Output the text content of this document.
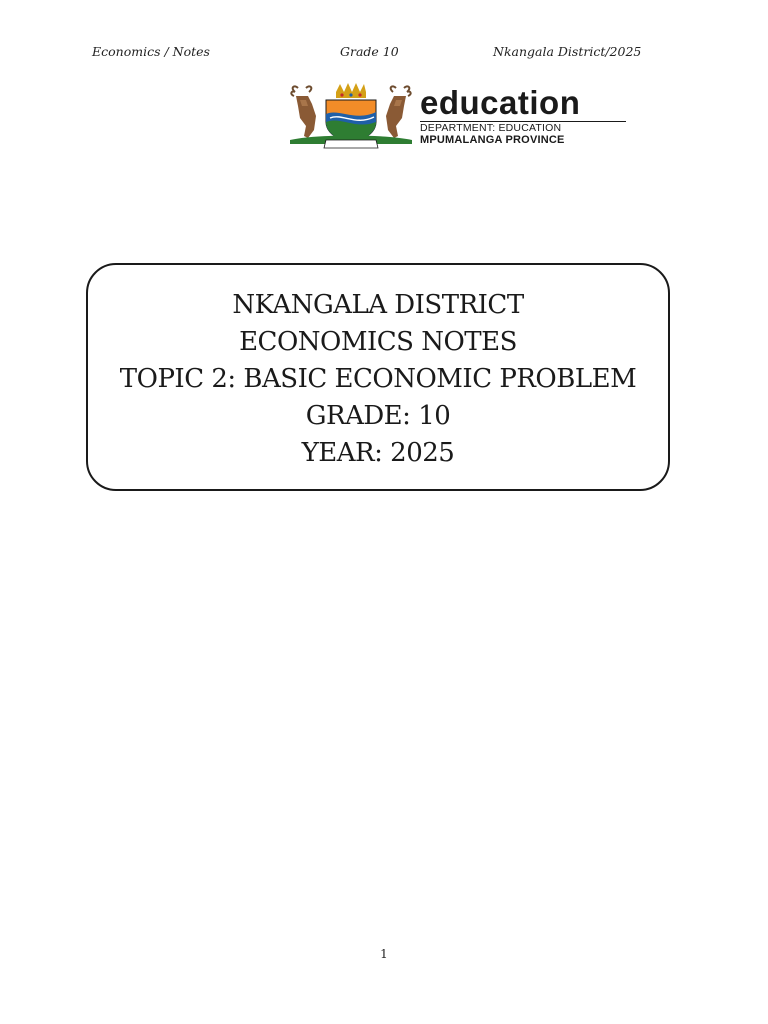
Economics / Notes	Grade 10	Nkangala District/2025
education
DEPARTMENT: EDUCATION
MPUMALANGA PROVINCE
NKANGALA DISTRICT
ECONOMICS NOTES
TOPIC 2: BASIC ECONOMIC PROBLEM
GRADE: 10
YEAR: 2025
1
